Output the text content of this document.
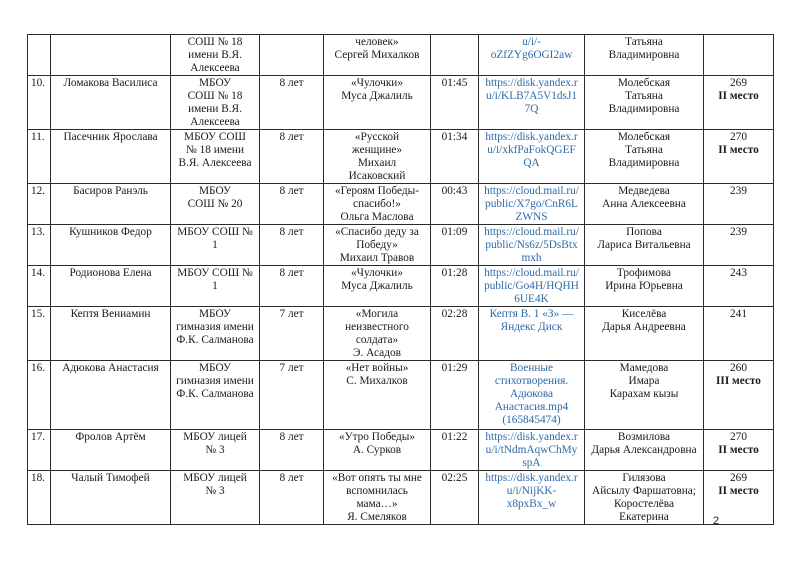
		СОШ № 18
имени В.Я.
Алексеева		человек»
Сергей Михалков		u/i/-
oZfZYg6OGI2aw	Татьяна
Владимировна	

10.	Ломакова Василиса	МБОУ
СОШ № 18
имени В.Я.
Алексеева	8 лет	«Чулочки»
Муса Джалиль	01:45	https://disk.yandex.r
u/i/KLB7A5V1dsJ1
7Q	Молебская
Татьяна
Владимировна	269
II место

11.	Пасечник Ярослава	МБОУ СОШ
№ 18 имени
В.Я. Алексеева	8 лет	«Русской
женщине»
Михаил
Исаковский	01:34	https://disk.yandex.r
u/i/xkfPaFokQGEF
QA	Молебская
Татьяна
Владимировна	270
II место

12.	Басиров Ранэль	МБОУ
СОШ № 20	8 лет	«Героям Победы-
спасибо!»
Ольга Маслова	00:43	https://cloud.mail.ru/
public/X7go/CnR6L
ZWNS	Медведева
Анна Алексеевна	239

13.	Кушников Федор	МБОУ СОШ №
1	8 лет	«Спасибо деду за
Победу»
Михаил Травов	01:09	https://cloud.mail.ru/
public/Ns6z/5DsBtx
mxh	Попова
Лариса Витальевна	239

14.	Родионова Елена	МБОУ СОШ №
1	8 лет	«Чулочки»
Муса Джалиль	01:28	https://cloud.mail.ru/
public/Go4H/HQHH
6UE4K	Трофимова
Ирина Юрьевна	243

15.	Кептя Вениамин	МБОУ
гимназия имени
Ф.К. Салманова	7 лет	«Могила
неизвестного
солдата»
Э. Асадов	02:28	Кептя В. 1 «З» —
Яндекс Диск	Киселёва
Дарья Андреевна	241

16.	Адюкова Анастасия	МБОУ
гимназия имени
Ф.К. Салманова	7 лет	«Нет войны»
С. Михалков	01:29	Военные
стихотворения.
Адюкова
Анастасия.mp4
(165845474)	Мамедова
Имара
Карахам кызы	260
III место

17.	Фролов Артём	МБОУ лицей
№ 3	8 лет	«Утро Победы»
А. Сурков	01:22	https://disk.yandex.r
u/i/tNdmAqwChMy
spA	Возмилова
Дарья Александровна	270
II место

18.	Чалый Тимофей	МБОУ лицей
№ 3	8 лет	«Вот опять ты мне
вспомнилась
мама…»
Я. Смеляков	02:25	https://disk.yandex.r
u/i/NijKK-
x8pxBx_w	Гилязова
Айсылу Фаршатовна;
Коростелёва
Екатерина	269
II место
2
